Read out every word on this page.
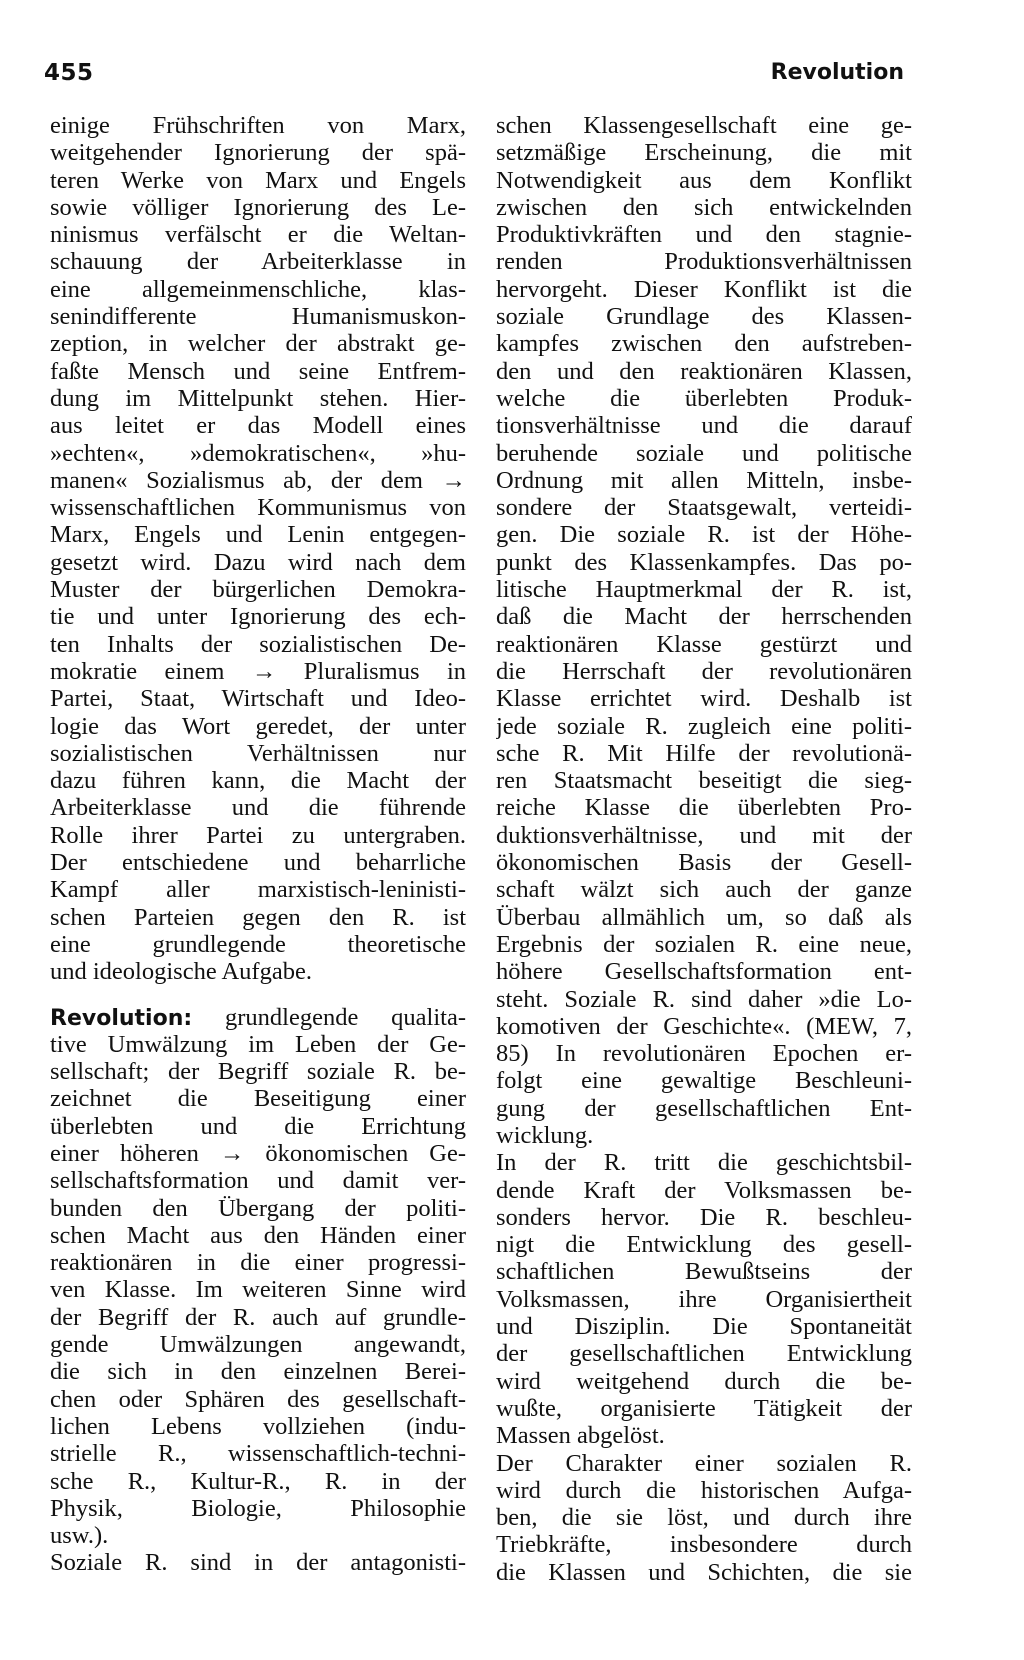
455	Revolution
einige Frühschriften von Marx,
weitgehender Ignorierung der spä-
teren Werke von Marx und Engels
sowie völliger Ignorierung des Le-
ninismus verfälscht er die Weltan-
schauung der Arbeiterklasse in
eine allgemeinmenschliche, klas-
senindifferente Humanismuskon-
zeption, in welcher der abstrakt ge-
faßte Mensch und seine Entfrem-
dung im Mittelpunkt stehen. Hier-
aus leitet er das Modell eines
»echten«, »demokratischen«, »hu-
manen« Sozialismus ab, der dem →
wissenschaftlichen Kommunismus von
Marx, Engels und Lenin entgegen-
gesetzt wird. Dazu wird nach dem
Muster der bürgerlichen Demokra-
tie und unter Ignorierung des ech-
ten Inhalts der sozialistischen De-
mokratie einem → Pluralismus in
Partei, Staat, Wirtschaft und Ideo-
logie das Wort geredet, der unter
sozialistischen Verhältnissen nur
dazu führen kann, die Macht der
Arbeiterklasse und die führende
Rolle ihrer Partei zu untergraben.
Der entschiedene und beharrliche
Kampf aller marxistisch-leninisti-
schen Parteien gegen den R. ist
eine grundlegende theoretische
und ideologische Aufgabe.
Revolution: grundlegende qualita-
tive Umwälzung im Leben der Ge-
sellschaft; der Begriff soziale R. be-
zeichnet die Beseitigung einer
überlebten und die Errichtung
einer höheren → ökonomischen Ge-
sellschaftsformation und damit ver-
bunden den Übergang der politi-
schen Macht aus den Händen einer
reaktionären in die einer progressi-
ven Klasse. Im weiteren Sinne wird
der Begriff der R. auch auf grundle-
gende Umwälzungen angewandt,
die sich in den einzelnen Berei-
chen oder Sphären des gesellschaft-
lichen Lebens vollziehen (indu-
strielle R., wissenschaftlich-techni-
sche R., Kultur-R., R. in der
Physik, Biologie, Philosophie
usw.).
Soziale R. sind in der antagonisti-
schen Klassengesellschaft eine ge-
setzmäßige Erscheinung, die mit
Notwendigkeit aus dem Konflikt
zwischen den sich entwickelnden
Produktivkräften und den stagnie-
renden Produktionsverhältnissen
hervorgeht. Dieser Konflikt ist die
soziale Grundlage des Klassen-
kampfes zwischen den aufstreben-
den und den reaktionären Klassen,
welche die überlebten Produk-
tionsverhältnisse und die darauf
beruhende soziale und politische
Ordnung mit allen Mitteln, insbe-
sondere der Staatsgewalt, verteidi-
gen. Die soziale R. ist der Höhe-
punkt des Klassenkampfes. Das po-
litische Hauptmerkmal der R. ist,
daß die Macht der herrschenden
reaktionären Klasse gestürzt und
die Herrschaft der revolutionären
Klasse errichtet wird. Deshalb ist
jede soziale R. zugleich eine politi-
sche R. Mit Hilfe der revolutionä-
ren Staatsmacht beseitigt die sieg-
reiche Klasse die überlebten Pro-
duktionsverhältnisse, und mit der
ökonomischen Basis der Gesell-
schaft wälzt sich auch der ganze
Überbau allmählich um, so daß als
Ergebnis der sozialen R. eine neue,
höhere Gesellschaftsformation ent-
steht. Soziale R. sind daher »die Lo-
komotiven der Geschichte«. (MEW, 7,
85) In revolutionären Epochen er-
folgt eine gewaltige Beschleuni-
gung der gesellschaftlichen Ent-
wicklung.
In der R. tritt die geschichtsbil-
dende Kraft der Volksmassen be-
sonders hervor. Die R. beschleu-
nigt die Entwicklung des gesell-
schaftlichen Bewußtseins der
Volksmassen, ihre Organisiertheit
und Disziplin. Die Spontaneität
der gesellschaftlichen Entwicklung
wird weitgehend durch die be-
wußte, organisierte Tätigkeit der
Massen abgelöst.
Der Charakter einer sozialen R.
wird durch die historischen Aufga-
ben, die sie löst, und durch ihre
Triebkräfte, insbesondere durch
die Klassen und Schichten, die sie
